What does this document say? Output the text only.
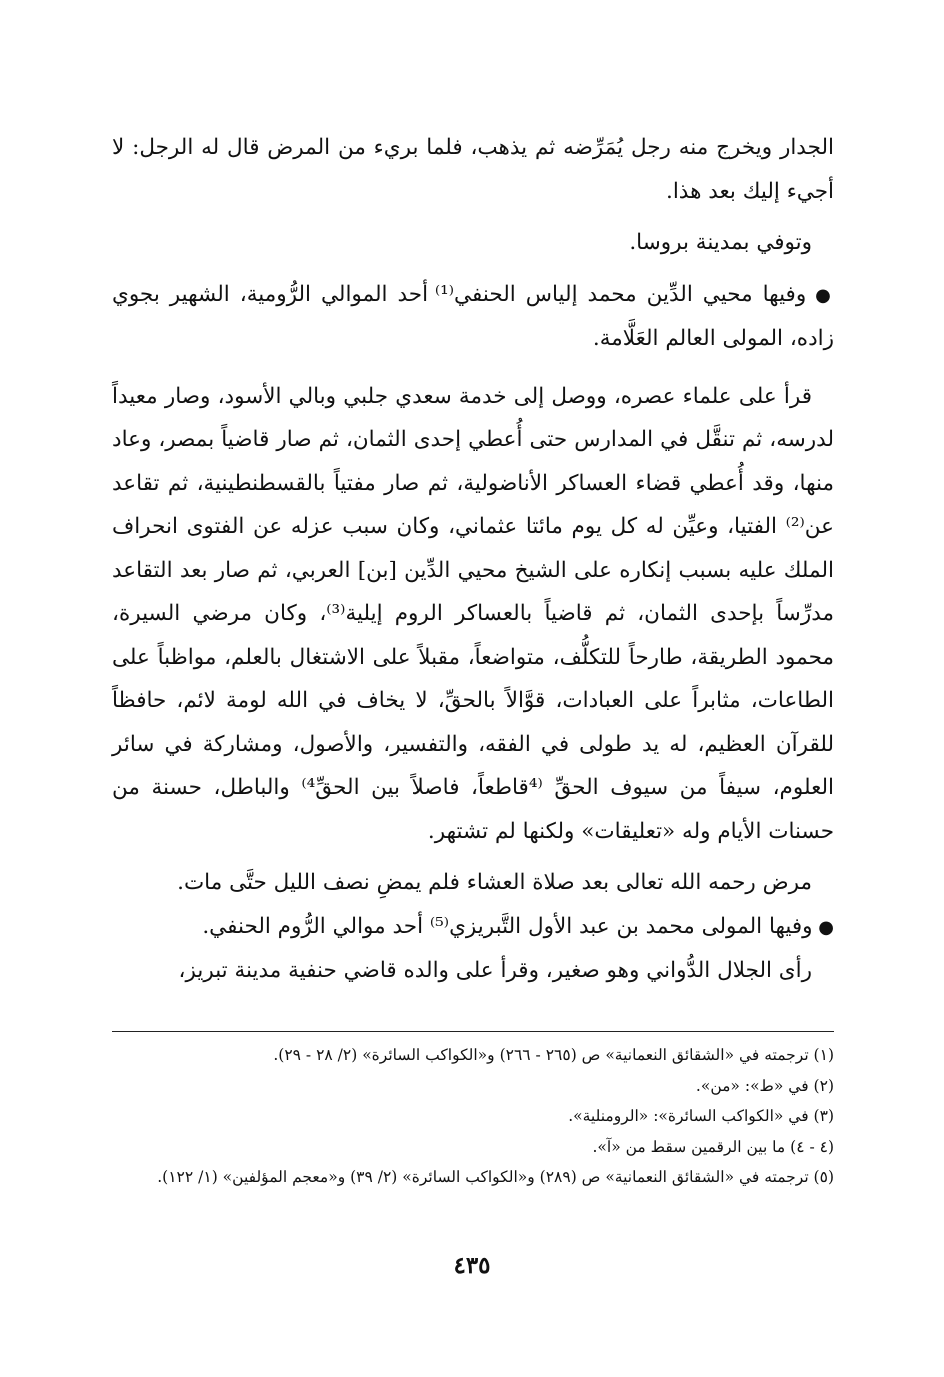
الجدار ويخرج منه رجل يُمَرِّضه ثم يذهب، فلما بريء من المرض قال له الرجل: لا أجيء إليك بعد هذا.

وتوفي بمدينة بروسا.

● وفيها محيي الدِّين محمد إلياس الحنفي⁽¹⁾ أحد الموالي الرُّومية، الشهير بجوي زاده، المولى العالم العَلَّامة.

قرأ على علماء عصره، ووصل إلى خدمة سعدي جلبي وبالي الأسود، وصار معيداً لدرسه، ثم تنقَّل في المدارس حتى أُعطي إحدى الثمان، ثم صار قاضياً بمصر، وعاد منها، وقد أُعطي قضاء العساكر الأناضولية، ثم صار مفتياً بالقسطنطينية، ثم تقاعد عن⁽²⁾ الفتيا، وعيِّن له كل يوم مائتا عثماني، وكان سبب عزله عن الفتوى انحراف الملك عليه بسبب إنكاره على الشيخ محيي الدِّين [بن] العربي، ثم صار بعد التقاعد مدرِّساً بإحدى الثمان، ثم قاضياً بالعساكر الروم إيلية⁽³⁾، وكان مرضي السيرة، محمود الطريقة، طارحاً للتكلُّف، متواضعاً، مقبلاً على الاشتغال بالعلم، مواظباً على الطاعات، مثابراً على العبادات، قوَّالاً بالحقِّ، لا يخاف في الله لومة لائم، حافظاً للقرآن العظيم، له يد طولى في الفقه، والتفسير، والأصول، ومشاركة في سائر العلوم، سيفاً من سيوف الحقِّ ⁽⁴قاطعاً، فاصلاً بين الحقِّ⁴⁾ والباطل، حسنة من حسنات الأيام وله «تعليقات» ولكنها لم تشتهر.

مرض رحمه الله تعالى بعد صلاة العشاء فلم يمضِ نصف الليل حتَّى مات.

● وفيها المولى محمد بن عبد الأول التَّبريزي⁽⁵⁾ أحد موالي الرُّوم الحنفي.

رأى الجلال الدُّواني وهو صغير، وقرأ على والده قاضي حنفية مدينة تبريز،

(١) ترجمته في «الشقائق النعمانية» ص (٢٦٥ - ٢٦٦) و«الكواكب السائرة» (٢/ ٢٨ - ٢٩).

(٢) في «ط»: «من».

(٣) في «الكواكب السائرة»: «الرومنلية».

(٤ - ٤) ما بين الرقمين سقط من «آ».

(٥) ترجمته في «الشقائق النعمانية» ص (٢٨٩) و«الكواكب السائرة» (٢/ ٣٩) و«معجم المؤلفين» (١/ ١٢٢).

٤٣٥
